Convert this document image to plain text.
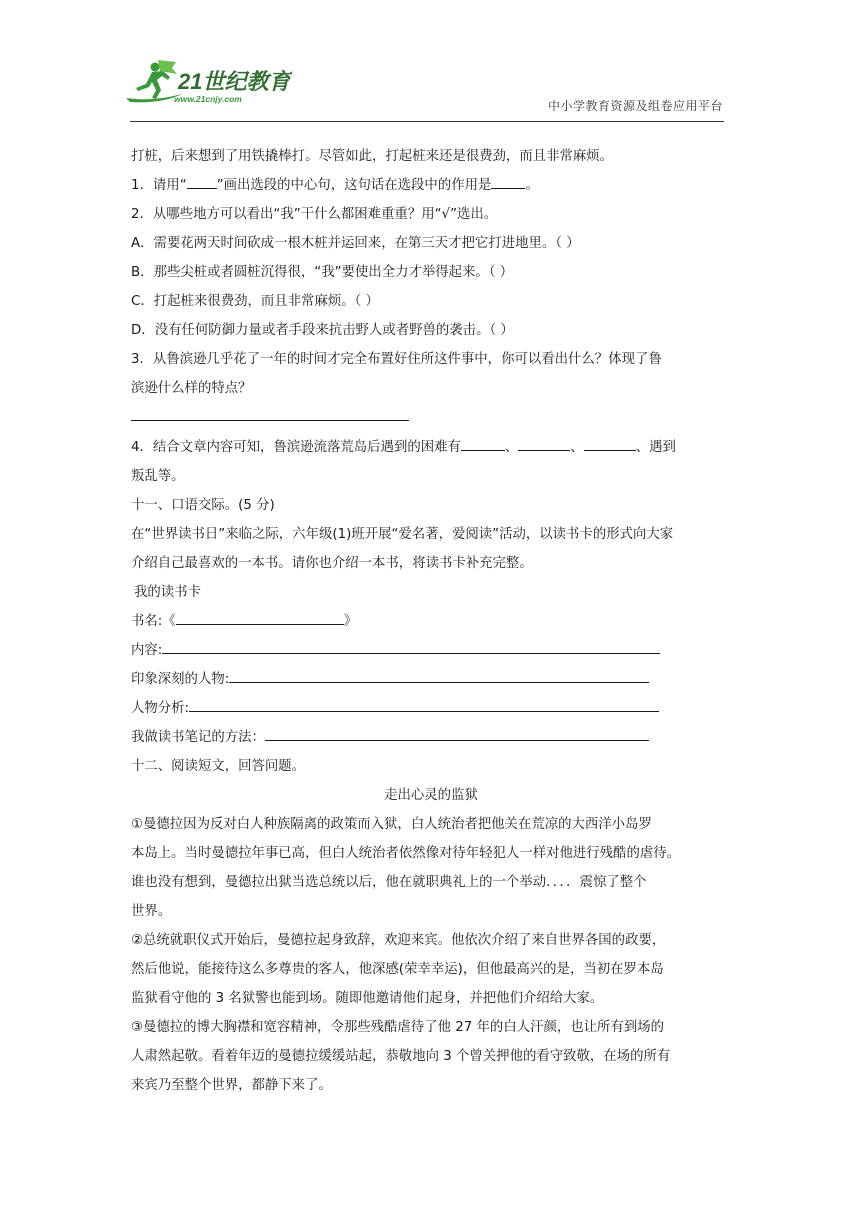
21世纪教育
www.21cnjy.com	中小学教育资源及组卷应用平台

打桩，后来想到了用铁撬棒打。尽管如此，打起桩来还是很费劲，而且非常麻烦。

1．请用“ ”画出选段的中心句，这句话在选段中的作用是	。

2．从哪些地方可以看出“我”干什么都困难重重？用“√”选出。

A．需要花两天时间砍成一根木桩并运回来，在第三天才把它打进地里。（ ）

B．那些尖桩或者圆桩沉得很，“我”要使出全力才举得起来。（ ）

C．打起桩来很费劲，而且非常麻烦。（ ）

D．没有任何防御力量或者手段来抗击野人或者野兽的袭击。（ ）

3．从鲁滨逊几乎花了一年的时间才完全布置好住所这件事中，你可以看出什么？体现了鲁

滨逊什么样的特点？

4．结合文章内容可知，鲁滨逊流落荒岛后遇到的困难有	、	、	、遇到

叛乱等。

十一、口语交际。(5 分)

在“世界读书日”来临之际，六年级(1)班开展“爱名著，爱阅读”活动，以读书卡的形式向大家

介绍自己最喜欢的一本书。请你也介绍一本书，将读书卡补充完整。

我的读书卡

书名:《	》

内容:

印象深刻的人物:

人物分析:

我做读书笔记的方法：

十二、阅读短文，回答问题。

走出心灵的监狱

①曼德拉因为反对白人种族隔离的政策而入狱，白人统治者把他关在荒凉的大西洋小岛罗

本岛上。当时曼德拉年事已高，但白人统治者依然像对待年轻犯人一样对他进行残酷的虐待。

谁也没有想到，曼德拉出狱当选总统以后，他在就职典礼上的一个举动．．．．震惊了整个

世界。

②总统就职仪式开始后，曼德拉起身致辞，欢迎来宾。他依次介绍了来自世界各国的政要，

然后他说，能接待这么多尊贵的客人，他深感(荣幸幸运)，但他最高兴的是，当初在罗本岛

监狱看守他的 3 名狱警也能到场。随即他邀请他们起身，并把他们介绍给大家。

③曼德拉的博大胸襟和宽容精神，令那些残酷虐待了他 27 年的白人汗颜，也让所有到场的

人肃然起敬。看着年迈的曼德拉缓缓站起，恭敬地向 3 个曾关押他的看守致敬，在场的所有

来宾乃至整个世界，都静下来了。
